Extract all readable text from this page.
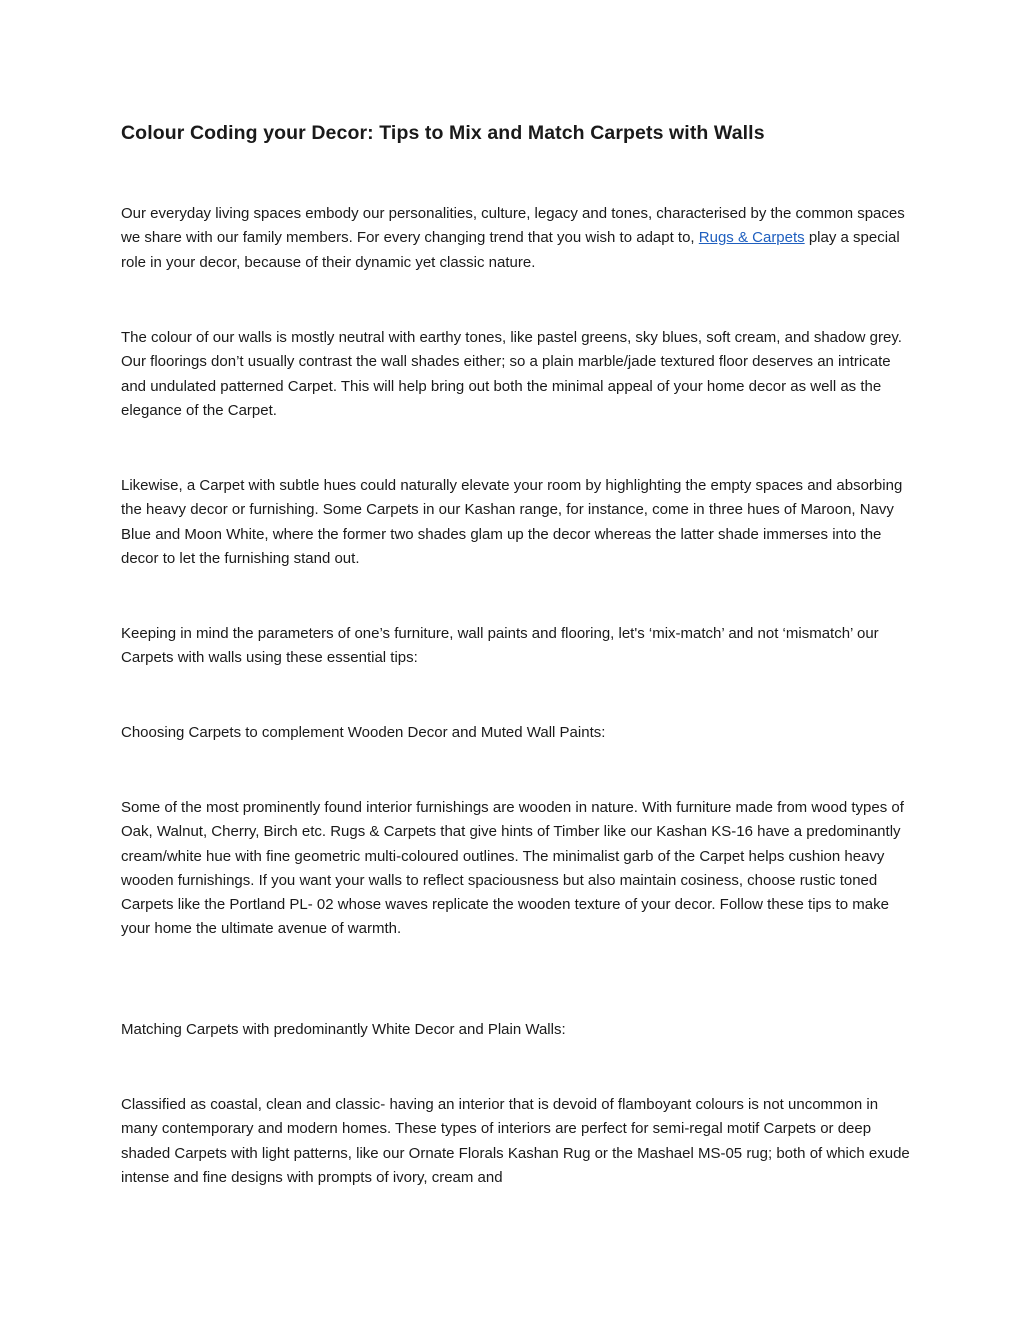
Colour Coding your Decor: Tips to Mix and Match Carpets with Walls

Our everyday living spaces embody our personalities, culture, legacy and tones, characterised by the common spaces we share with our family members. For every changing trend that you wish to adapt to, Rugs & Carpets play a special role in your decor, because of their dynamic yet classic nature.

The colour of our walls is mostly neutral with earthy tones, like pastel greens, sky blues, soft cream, and shadow grey. Our floorings don’t usually contrast the wall shades either; so a plain marble/jade textured floor deserves an intricate and undulated patterned Carpet. This will help bring out both the minimal appeal of your home decor as well as the elegance of the Carpet.

Likewise, a Carpet with subtle hues could naturally elevate your room by highlighting the empty spaces and absorbing the heavy decor or furnishing. Some Carpets in our Kashan range, for instance, come in three hues of Maroon, Navy Blue and Moon White, where the former two shades glam up the decor whereas the latter shade immerses into the decor to let the furnishing stand out.

Keeping in mind the parameters of one’s furniture, wall paints and flooring, let's ‘mix-match’ and not ‘mismatch’ our Carpets with walls using these essential tips:

Choosing Carpets to complement Wooden Decor and Muted Wall Paints:

Some of the most prominently found interior furnishings are wooden in nature. With furniture made from wood types of Oak, Walnut, Cherry, Birch etc. Rugs & Carpets that give hints of Timber like our Kashan KS-16 have a predominantly cream/white hue with fine geometric multi-coloured outlines. The minimalist garb of the Carpet helps cushion heavy wooden furnishings. If you want your walls to reflect spaciousness but also maintain cosiness, choose rustic toned Carpets like the Portland PL- 02 whose waves replicate the wooden texture of your decor. Follow these tips to make your home the ultimate avenue of warmth.

Matching Carpets with predominantly White Decor and Plain Walls:

Classified as coastal, clean and classic- having an interior that is devoid of flamboyant colours is not uncommon in many contemporary and modern homes. These types of interiors are perfect for semi-regal motif Carpets or deep shaded Carpets with light patterns, like our Ornate Florals Kashan Rug or the Mashael MS-05 rug; both of which exude intense and fine designs with prompts of ivory, cream and
